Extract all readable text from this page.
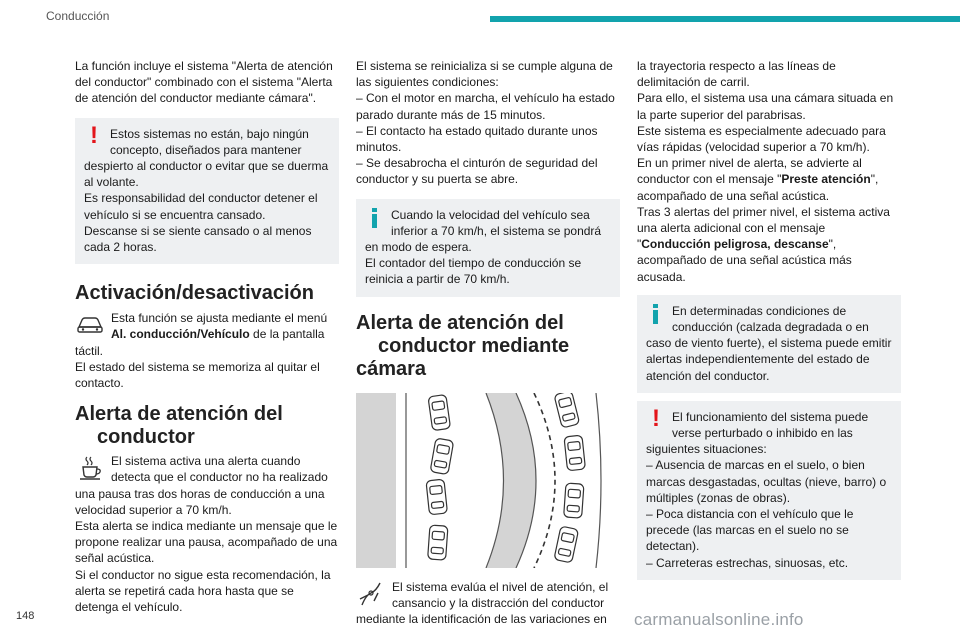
Conducción

La función incluye el sistema "Alerta de atención del conductor" combinado con el sistema "Alerta de atención del conductor mediante cámara".

!	Estos sistemas no están, bajo ningún concepto, diseñados para mantener despierto al conductor o evitar que se duerma al volante.
Es responsabilidad del conductor detener el vehículo si se encuentra cansado.
Descanse si se siente cansado o al menos cada 2 horas.
Activación/desactivación

Esta función se ajusta mediante el menú Al. conducción/Vehículo de la pantalla táctil.

El estado del sistema se memoriza al quitar el contacto.

Alerta de atención del
conductor

El sistema activa una alerta cuando detecta que el conductor no ha realizado una pausa tras dos horas de conducción a una velocidad superior a 70 km/h.

Esta alerta se indica mediante un mensaje que le propone realizar una pausa, acompañado de una señal acústica.

Si el conductor no sigue esta recomendación, la alerta se repetirá cada hora hasta que se detenga el vehículo.

El sistema se reinicializa si se cumple alguna de las siguientes condiciones:

– Con el motor en marcha, el vehículo ha estado parado durante más de 15 minutos.

– El contacto ha estado quitado durante unos minutos.

– Se desabrocha el cinturón de seguridad del conductor y su puerta se abre.

Cuando la velocidad del vehículo sea inferior a 70 km/h, el sistema se pondrá en modo de espera.
El contador del tiempo de conducción se reinicia a partir de 70 km/h.
Alerta de atención del
conductor mediante cámara

El sistema evalúa el nivel de atención, el cansancio y la distracción del conductor mediante la identificación de las variaciones en

la trayectoria respecto a las líneas de delimitación de carril.

Para ello, el sistema usa una cámara situada en la parte superior del parabrisas.

Este sistema es especialmente adecuado para vías rápidas (velocidad superior a 70 km/h).

En un primer nivel de alerta, se advierte al conductor con el mensaje "Preste atención", acompañado de una señal acústica.

Tras 3 alertas del primer nivel, el sistema activa una alerta adicional con el mensaje "Conducción peligrosa, descanse", acompañado de una señal acústica más acusada.

En determinadas condiciones de conducción (calzada degradada o en caso de viento fuerte), el sistema puede emitir alertas independientemente del estado de atención del conductor.
!	El funcionamiento del sistema puede verse perturbado o inhibido en las siguientes situaciones:
– Ausencia de marcas en el suelo, o bien marcas desgastadas, ocultas (nieve, barro) o múltiples (zonas de obras).
– Poca distancia con el vehículo que le precede (las marcas en el suelo no se detectan).
– Carreteras estrechas, sinuosas, etc.
148	carmanualsonline.info
